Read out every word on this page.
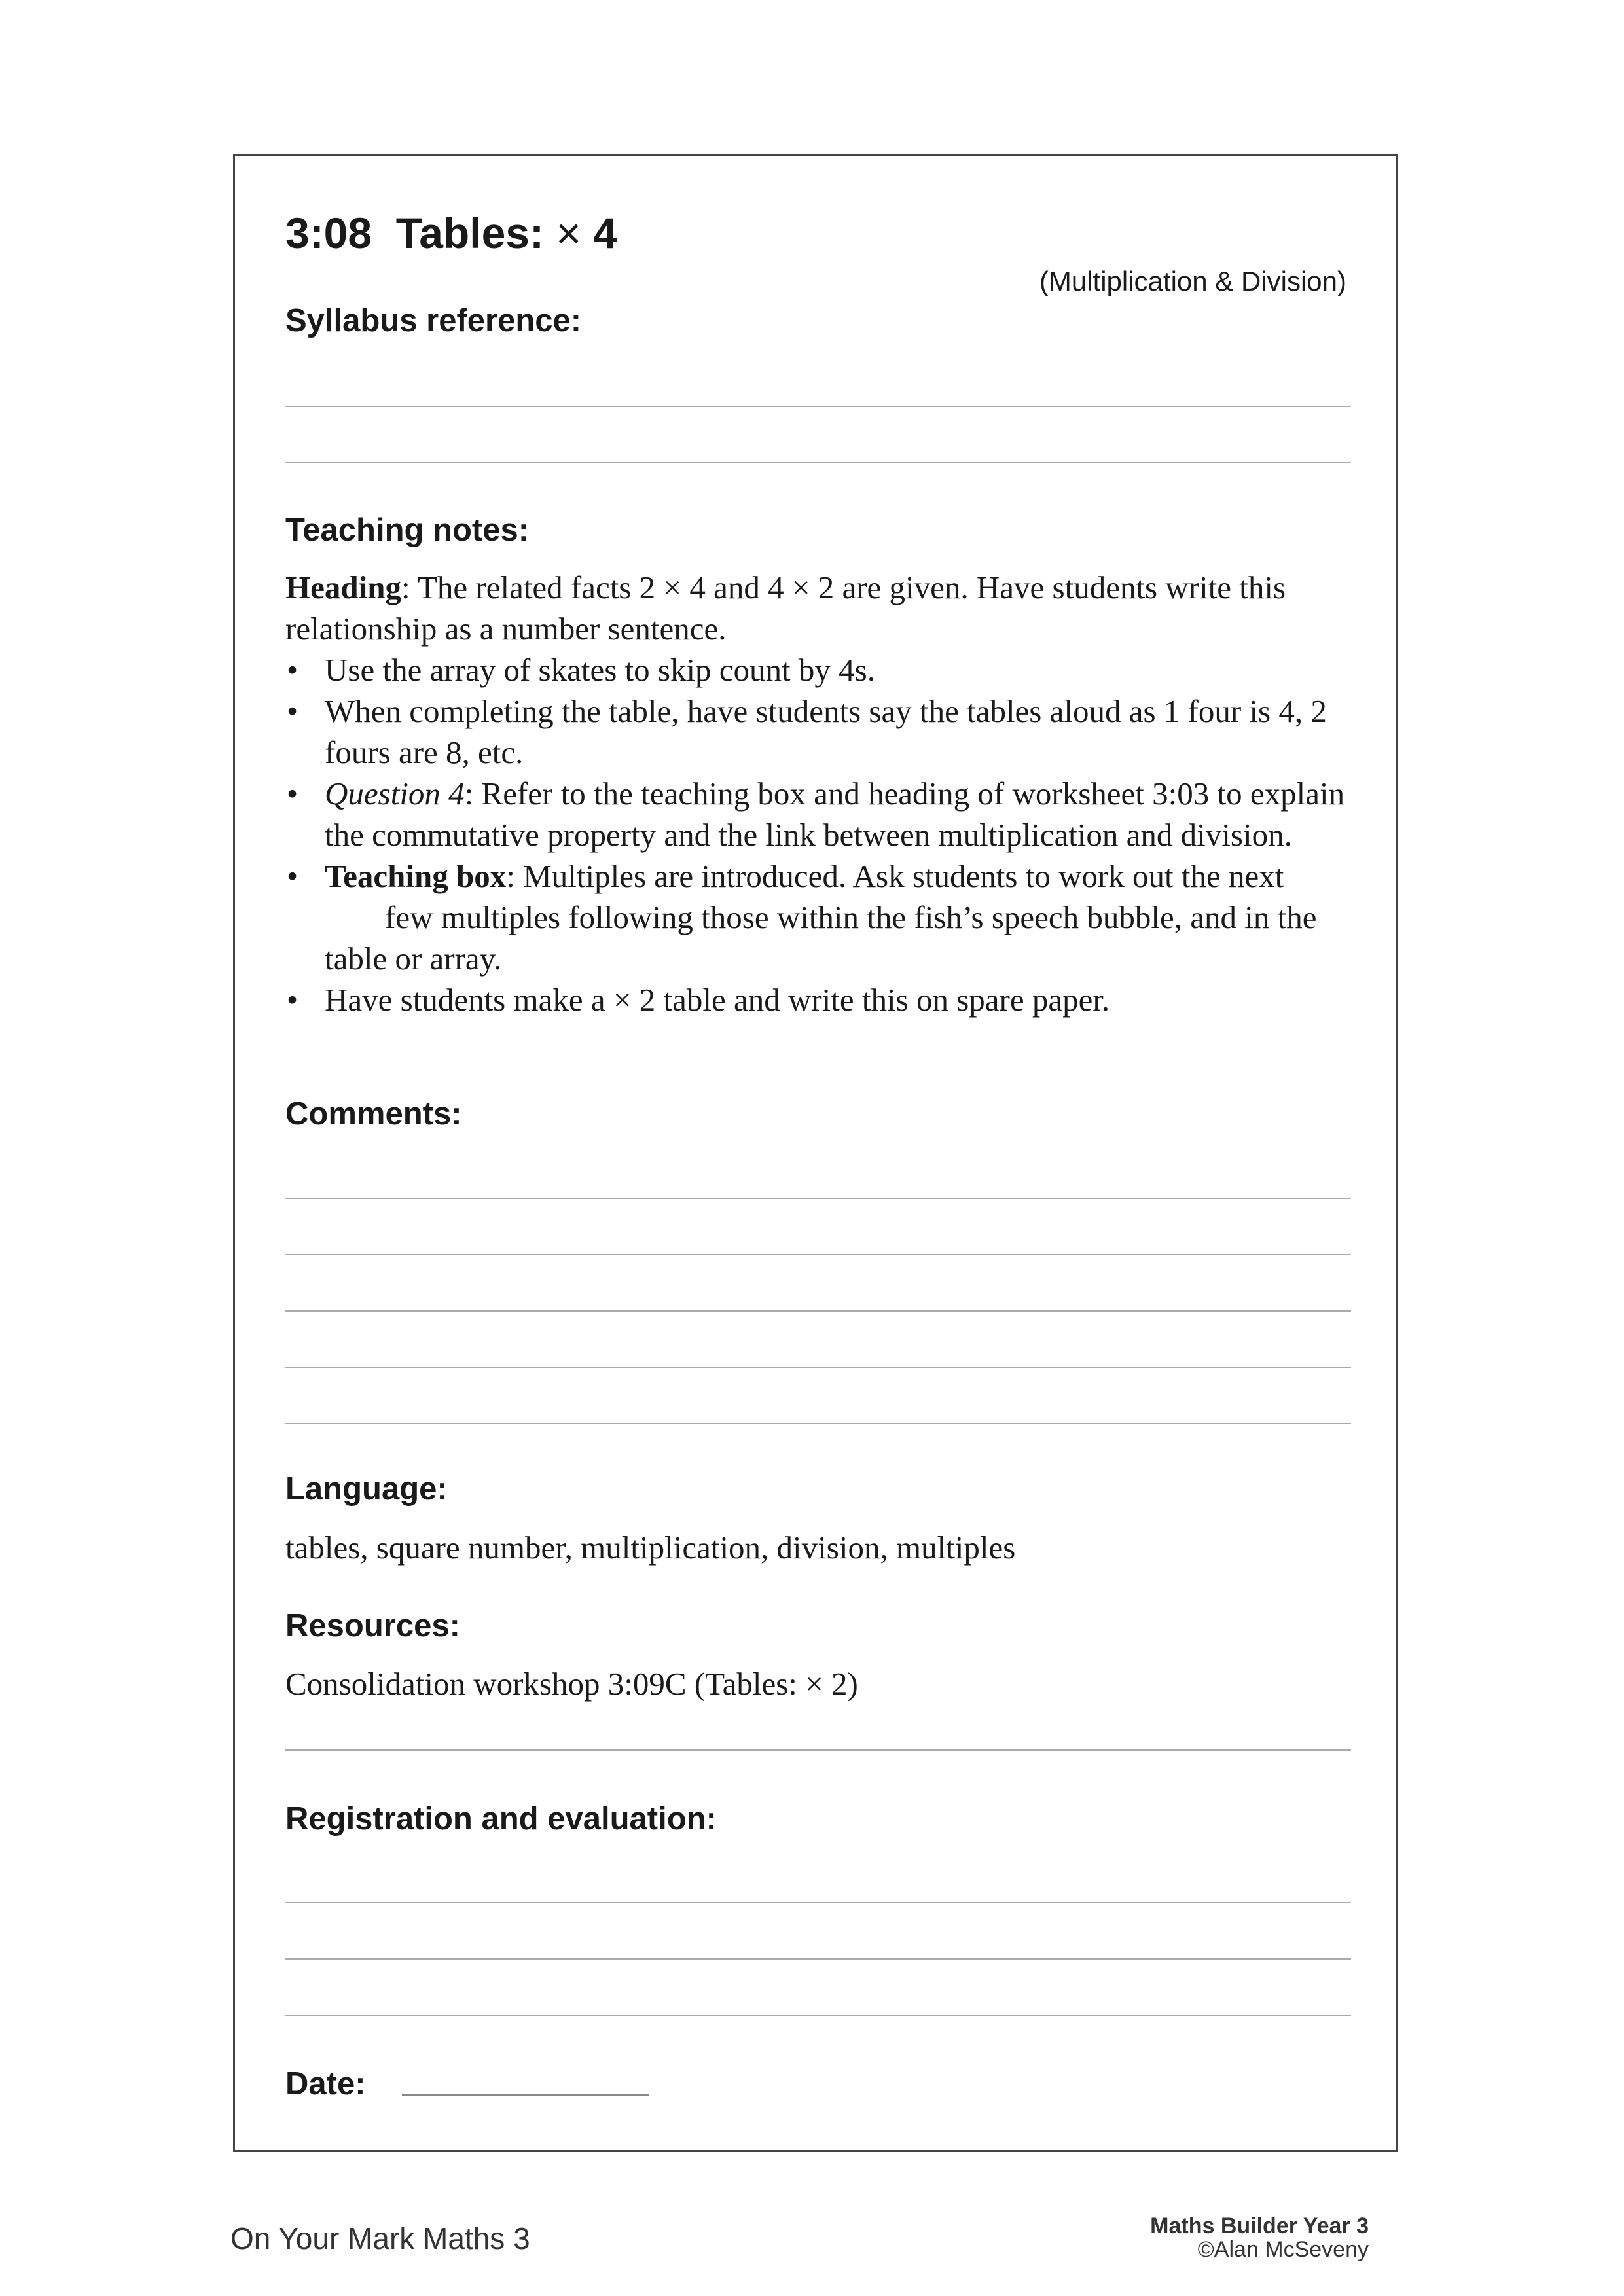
3:08 Tables: × 4
(Multiplication & Division)
Syllabus reference:
Teaching notes:

Heading: The related facts 2 × 4 and 4 × 2 are given. Have students write this relationship as a number sentence.

• Use the array of skates to skip count by 4s.
• When completing the table, have students say the tables aloud as 1 four is 4, 2 fours are 8, etc.
• Question 4: Refer to the teaching box and heading of worksheet 3:03 to explain the commutative property and the link between multiplication and division.
• Teaching box: Multiples are introduced. Ask students to work out the next
few multiples following those within the fish’s speech bubble, and in the
table or array.
• Have students make a × 2 table and write this on spare paper.
Comments:
Language:
tables, square number, multiplication, division, multiples
Resources:
Consolidation workshop 3:09C (Tables: × 2)
Registration and evaluation:
Date:
On Your Mark Maths 3	Maths Builder Year 3
©Alan McSeveny
